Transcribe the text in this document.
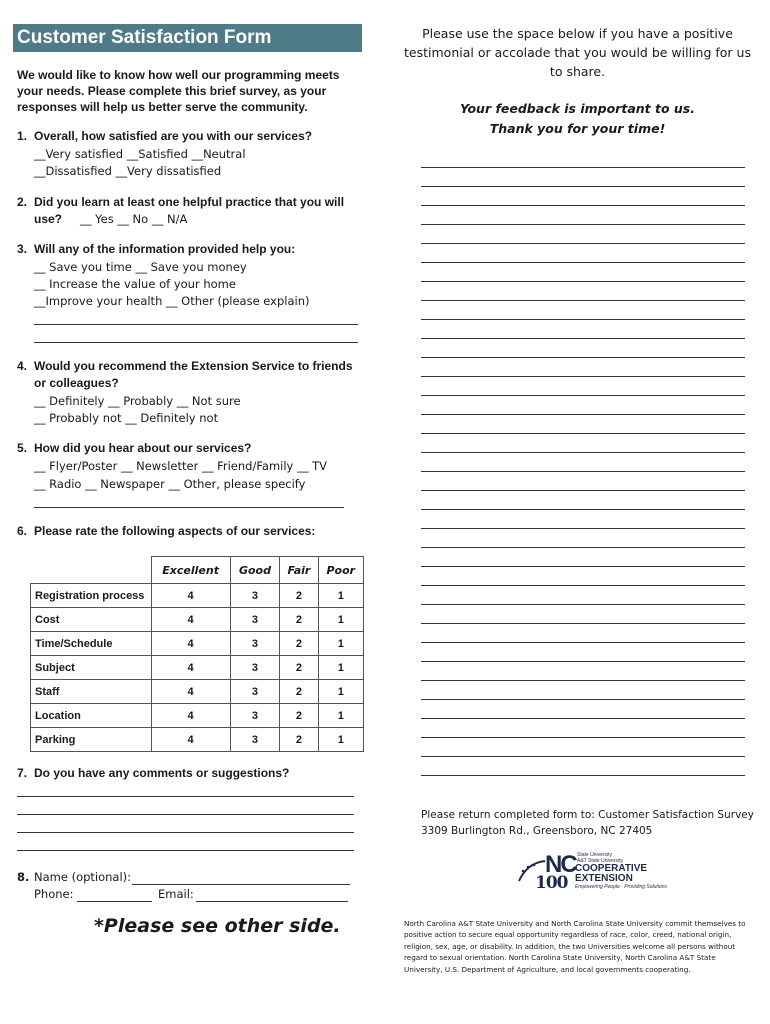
Customer Satisfaction Form
We would like to know how well our programming meets your needs. Please complete this brief survey, as your responses will help us better serve the community.
1. Overall, how satisfied are you with our services?
__Very satisfied __Satisfied __Neutral
__Dissatisfied __Very dissatisfied
2. Did you learn at least one helpful practice that you will
use? __ Yes __ No __ N/A
3. Will any of the information provided help you:
__ Save you time __ Save you money
__ Increase the value of your home
__Improve your health __ Other (please explain)
4. Would you recommend the Extension Service to friends
or colleagues?
__ Definitely __ Probably __ Not sure
__ Probably not __ Definitely not
5. How did you hear about our services?
__ Flyer/Poster __ Newsletter __ Friend/Family __ TV
__ Radio __ Newspaper __ Other, please specify
6. Please rate the following aspects of our services:
	Excellent	Good	Fair	Poor
Registration process	4	3	2	1
Cost	4	3	2	1
Time/Schedule	4	3	2	1
Subject	4	3	2	1
Staff	4	3	2	1
Location	4	3	2	1
Parking	4	3	2	1
7. Do you have any comments or suggestions?
8. Name (optional):
Phone:	Email:
*Please see other side.
Please use the space below if you have a positive testimonial or accolade that you would be willing for us to share.
Your feedback is important to us.
Thank you for your time!
Please return completed form to: Customer Satisfaction Survey
3309 Burlington Rd., Greensboro, NC 27405
NC State University
A&T State University
COOPERATIVE
EXTENSION
100 Empowering People · Providing Solutions
North Carolina A&T State University and North Carolina State University commit themselves to positive action to secure equal opportunity regardless of race, color, creed, national origin, religion, sex, age, or disability. In addition, the two Universities welcome all persons without regard to sexual orientation. North Carolina State University, North Carolina A&T State University, U.S. Department of Agriculture, and local governments cooperating.
